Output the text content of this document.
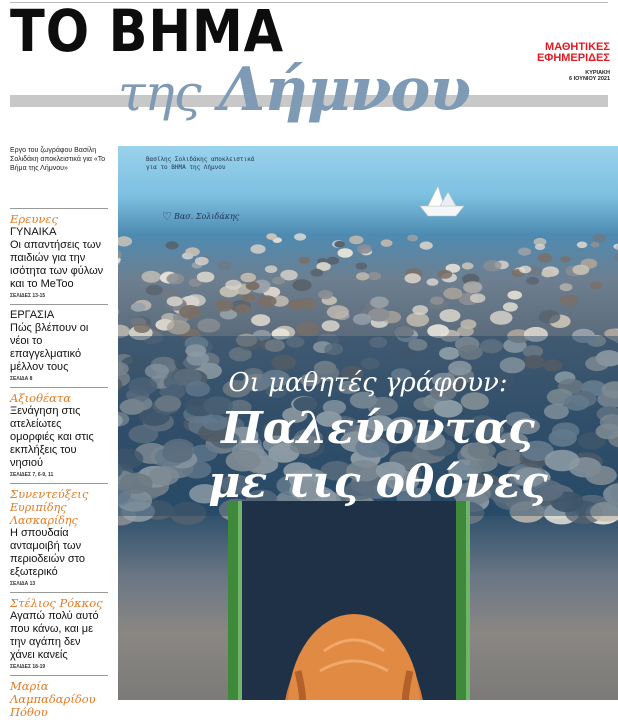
ΤΟ ΒΗΜΑ	ΜΑΘΗΤΙΚΕΣ
ΕΦΗΜΕΡΙΔΕΣ
ΚΥΡΙΑΚΗ
6 ΙΟΥΝΙΟΥ 2021
της Λήμνου
Εργο του ζωγράφου Βασίλη Σολιδάκη αποκλειστικά για «Το Βήμα της Λήμνου»
Ερευνες
ΓΥΝΑΙΚΑ
Οι απαντήσεις των παιδιών για την ισότητα των φύλων και το MeToo
ΣΕΛΙΔΕΣ 13-15
ΕΡΓΑΣΙΑ
Πώς βλέπουν οι νέοι το επαγγελματικό μέλλον τους
ΣΕΛΙΔΑ 8
Αξιοθέατα
Ξενάγηση στις ατελείωτες ομορφιές και στις εκπλήξεις του νησιού
ΣΕΛΙΔΕΣ 7, 6-9, 11
Συνεντεύξεις
Ευριπίδης Λασκαρίδης
Η σπουδαία ανταμοιβή των περιοδειών στο εξωτερικό
ΣΕΛΙΔΑ 13
Στέλιος Ρόκκος
Αγαπώ πολύ αυτό που κάνω, και με την αγάπη δεν χάνει κανείς
ΣΕΛΙΔΕΣ 18-19
Μαρία Λαμπαδαρίδου Πόθου
Βασίλης Σολιδάκης αποκλειστικά για το ΒΗΜΑ της Λήμνου
♡ Βασ. Σολιδάκης
Οι μαθητές γράφουν:
Παλεύοντας
με τις οθόνες
